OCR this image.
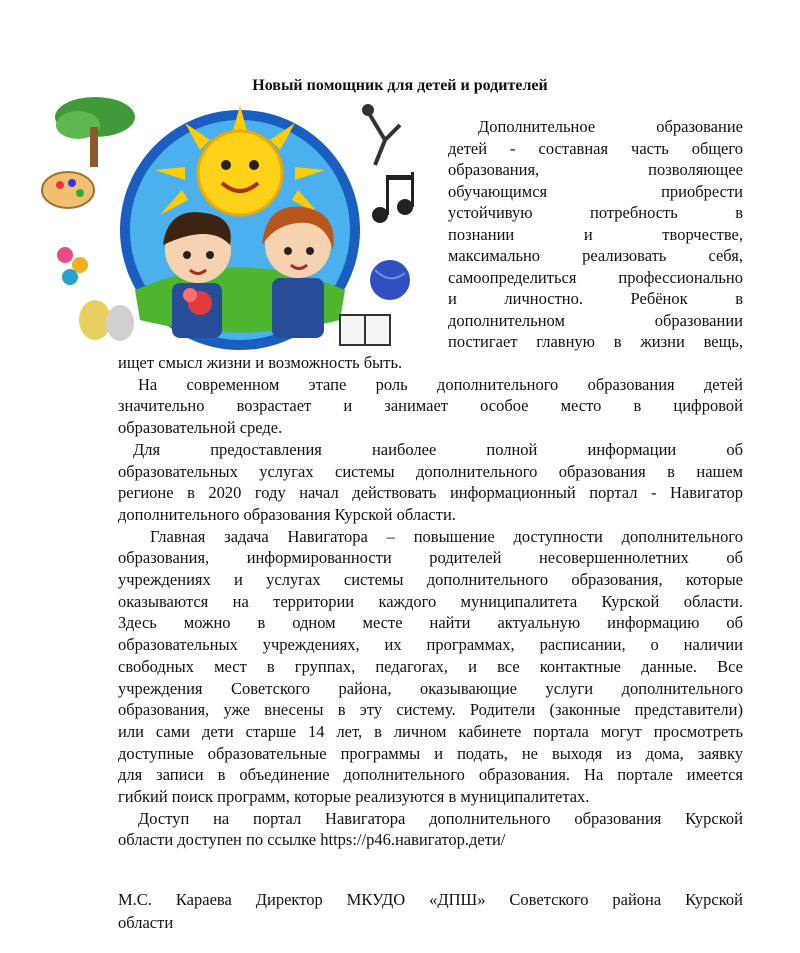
Новый помощник для детей и родителей

Дополнительное образование

детей - составная часть общего

образования, позволяющее

обучающимся приобрести

устойчивую потребность в

познании и творчестве,

максимально реализовать себя,

самоопределиться профессионально

и личностно. Ребёнок в

дополнительном образовании

постигает главную в жизни вещь,

ищет смысл жизни и возможность быть.

На современном этапе роль дополнительного образования детей

значительно возрастает и занимает особое место в цифровой

образовательной среде.

Для предоставления наиболее полной информации об

образовательных услугах системы дополнительного образования в нашем

регионе в 2020 году начал действовать информационный портал - Навигатор

дополнительного образования Курской области.

Главная задача Навигатора – повышение доступности дополнительного

образования, информированности родителей несовершеннолетних об

учреждениях и услугах системы дополнительного образования, которые

оказываются на территории каждого муниципалитета Курской области.

Здесь можно в одном месте найти актуальную информацию об

образовательных учреждениях, их программах, расписании, о наличии

свободных мест в группах, педагогах, и все контактные данные. Все

учреждения Советского района, оказывающие услуги дополнительного

образования, уже внесены в эту систему. Родители (законные представители)

или сами дети старше 14 лет, в личном кабинете портала могут просмотреть

доступные образовательные программы и подать, не выходя из дома, заявку

для записи в объединение дополнительного образования. На портале имеется

гибкий поиск программ, которые реализуются в муниципалитетах.

Доступ на портал Навигатора дополнительного образования Курской

области доступен по ссылке https://р46.навигатор.дети/

М.С. Караева Директор МКУДО «ДПШ» Советского района Курской

области
